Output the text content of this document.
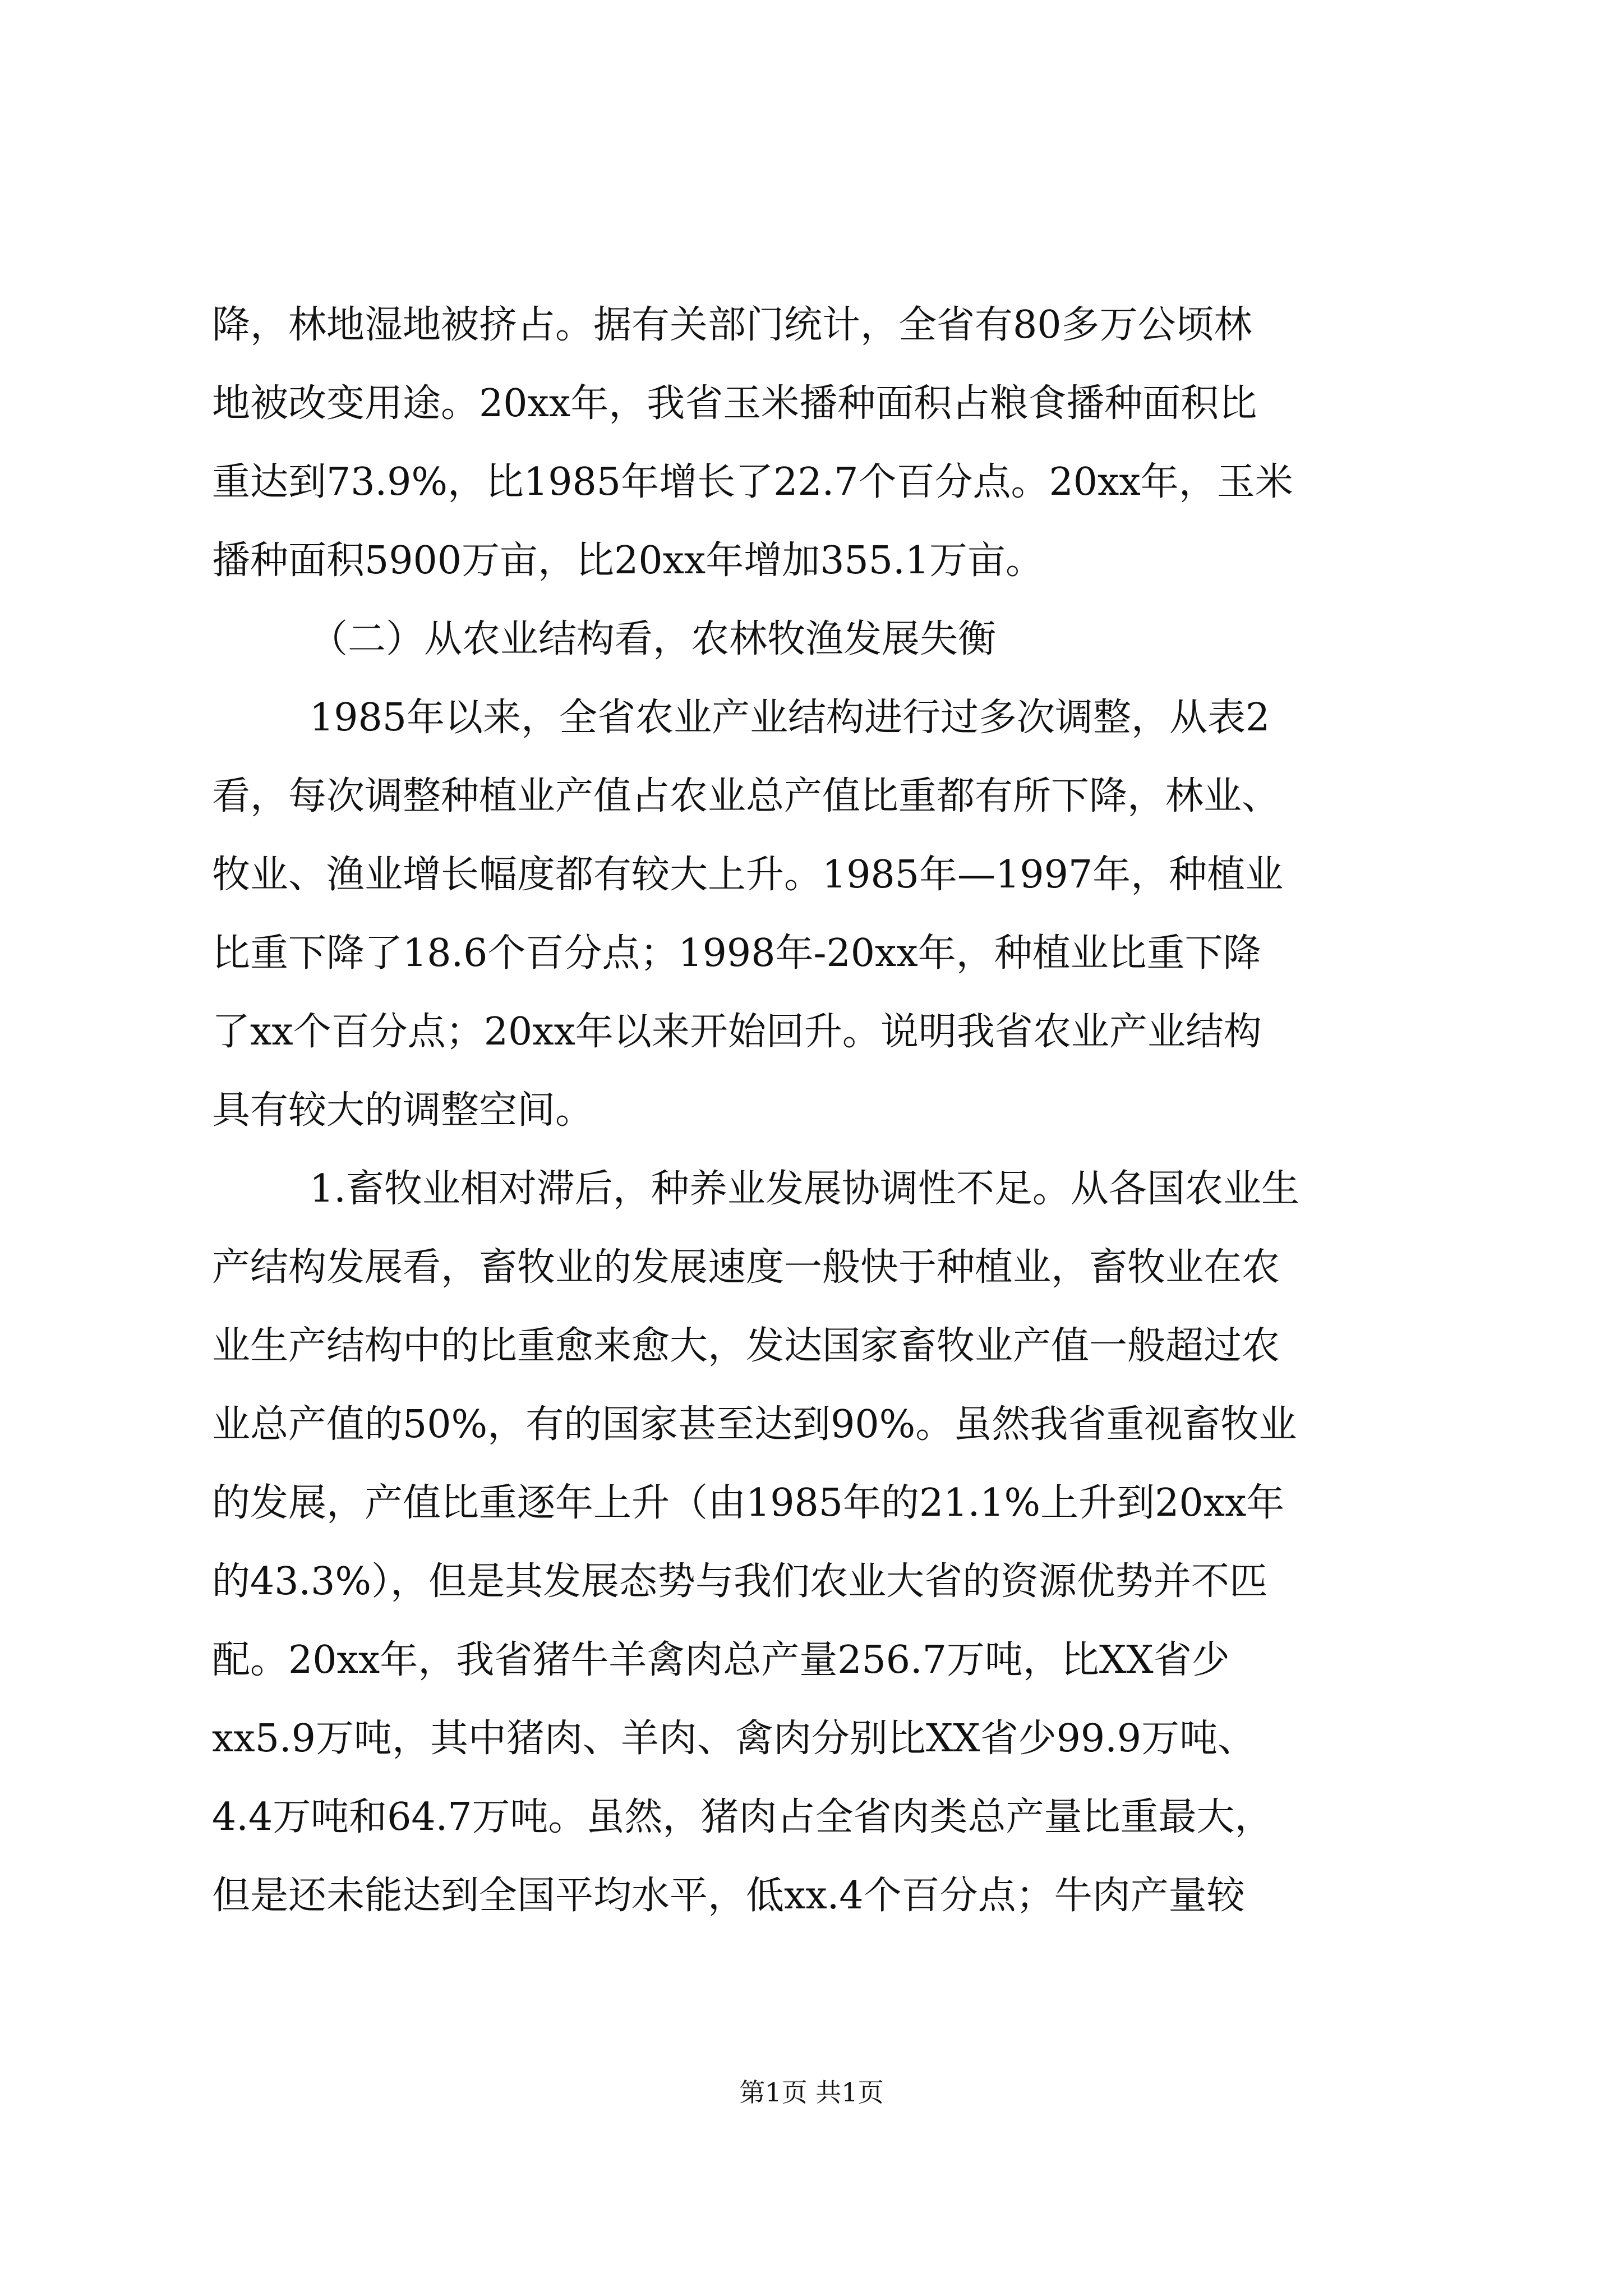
降，林地湿地被挤占。据有关部门统计，全省有80多万公顷林
地被改变用途。20xx年，我省玉米播种面积占粮食播种面积比
重达到73.9%，比1985年增长了22.7个百分点。20xx年，玉米
播种面积5900万亩，比20xx年增加355.1万亩。
（二）从农业结构看，农林牧渔发展失衡
1985年以来，全省农业产业结构进行过多次调整，从表2
看，每次调整种植业产值占农业总产值比重都有所下降，林业、
牧业、渔业增长幅度都有较大上升。1985年—1997年，种植业
比重下降了18.6个百分点；1998年-20xx年，种植业比重下降
了xx个百分点；20xx年以来开始回升。说明我省农业产业结构
具有较大的调整空间。
1.畜牧业相对滞后，种养业发展协调性不足。从各国农业生
产结构发展看，畜牧业的发展速度一般快于种植业，畜牧业在农
业生产结构中的比重愈来愈大，发达国家畜牧业产值一般超过农
业总产值的50%，有的国家甚至达到90%。虽然我省重视畜牧业
的发展，产值比重逐年上升（由1985年的21.1%上升到20xx年
的43.3%），但是其发展态势与我们农业大省的资源优势并不匹
配。20xx年，我省猪牛羊禽肉总产量256.7万吨，比XX省少
xx5.9万吨，其中猪肉、羊肉、禽肉分别比XX省少99.9万吨、
4.4万吨和64.7万吨。虽然，猪肉占全省肉类总产量比重最大，
但是还未能达到全国平均水平，低xx.4个百分点；牛肉产量较
第1页 共1页
